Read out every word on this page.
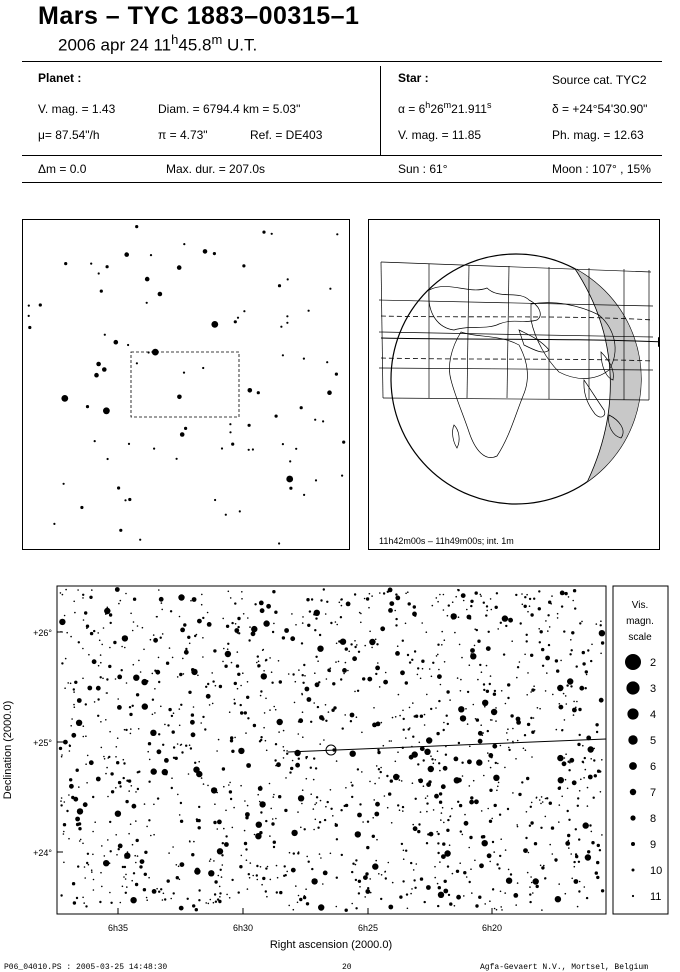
Mars – TYC 1883–00315–1
2006 apr 24 11$^h$45.8$^m$ U.T.
Planet :
V. mag. = 1.43	Diam. = 6794.4 km = 5.03"
μ= 87.54"/h	π = 4.73"	Ref. = DE403
Star :	Source cat. TYC2
$\alpha = 6^h26^m21.911^s$	δ = +24°54'30.90"
V. mag. = 11.85	Ph. mag. = 12.63
Δm = 0.0	Max. dur. = 207.0s	Sun : 61°	Moon : 107° , 15%
11h42m00s – 11h49m00s; int. 1m
+26°
+25°
+24°
6h35	6h30	6h25	6h20
Right ascension (2000.0)
Declination (2000.0)
Vis.
magn.
scale
2
3
4
5
6
7
8
9
10
11
P06_04010.PS : 2005-03-25 14:48:30	20	Agfa-Gevaert N.V., Mortsel, Belgium
